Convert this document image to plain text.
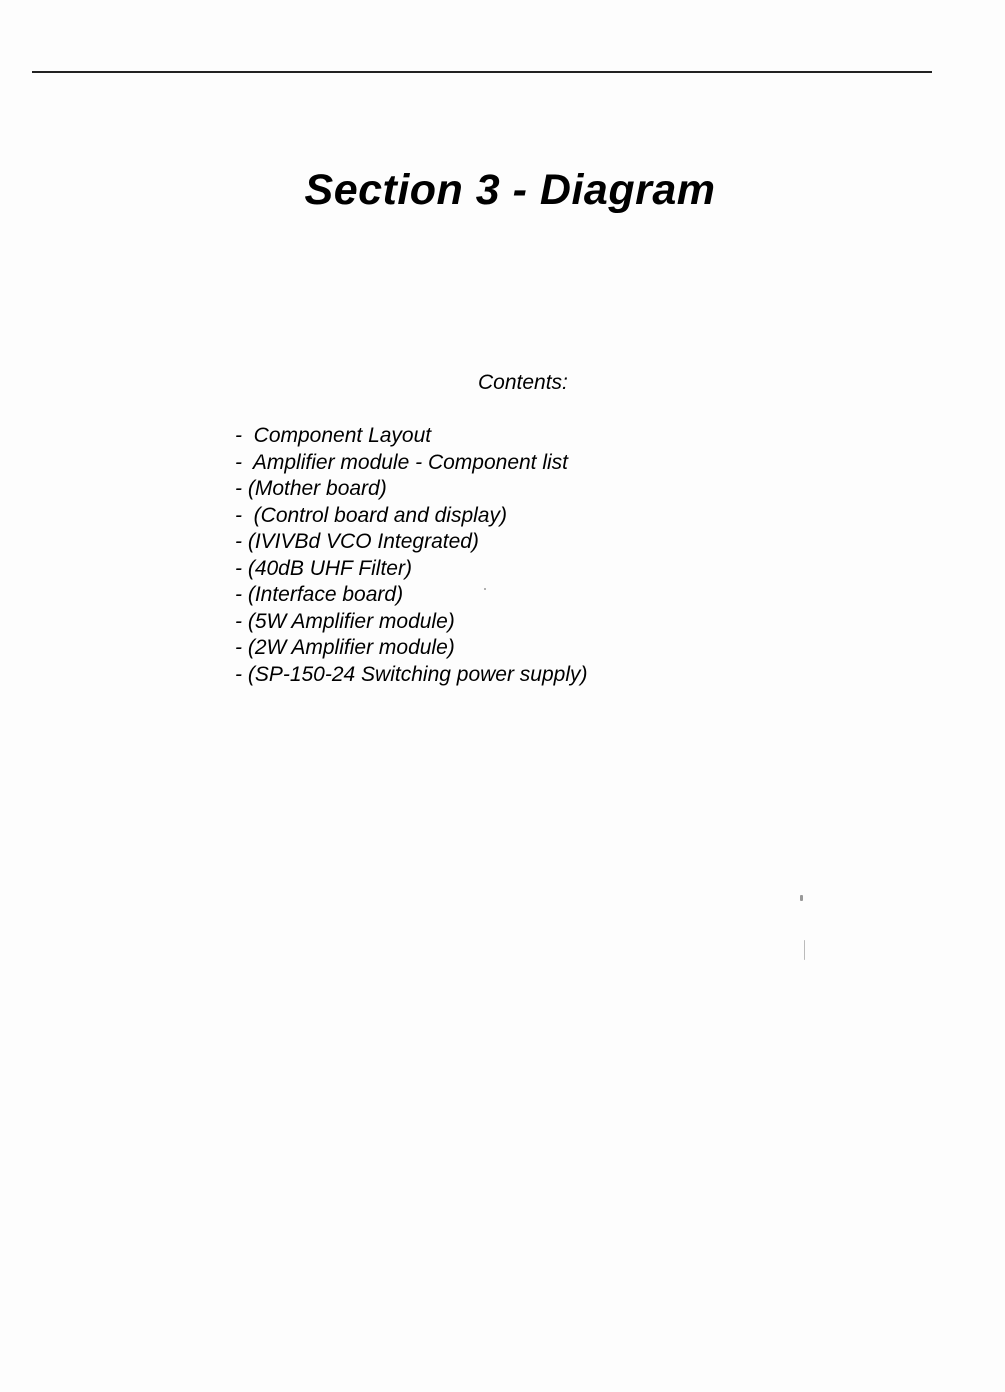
Section 3 - Diagram

Contents:

-  Component Layout
-  Amplifier module - Component list
- (Mother board)
-  (Control board and display)
- (IVIVBd VCO Integrated)
- (40dB UHF Filter)
- (Interface board)
- (5W Amplifier module)
- (2W Amplifier module)
- (SP-150-24 Switching power supply)
